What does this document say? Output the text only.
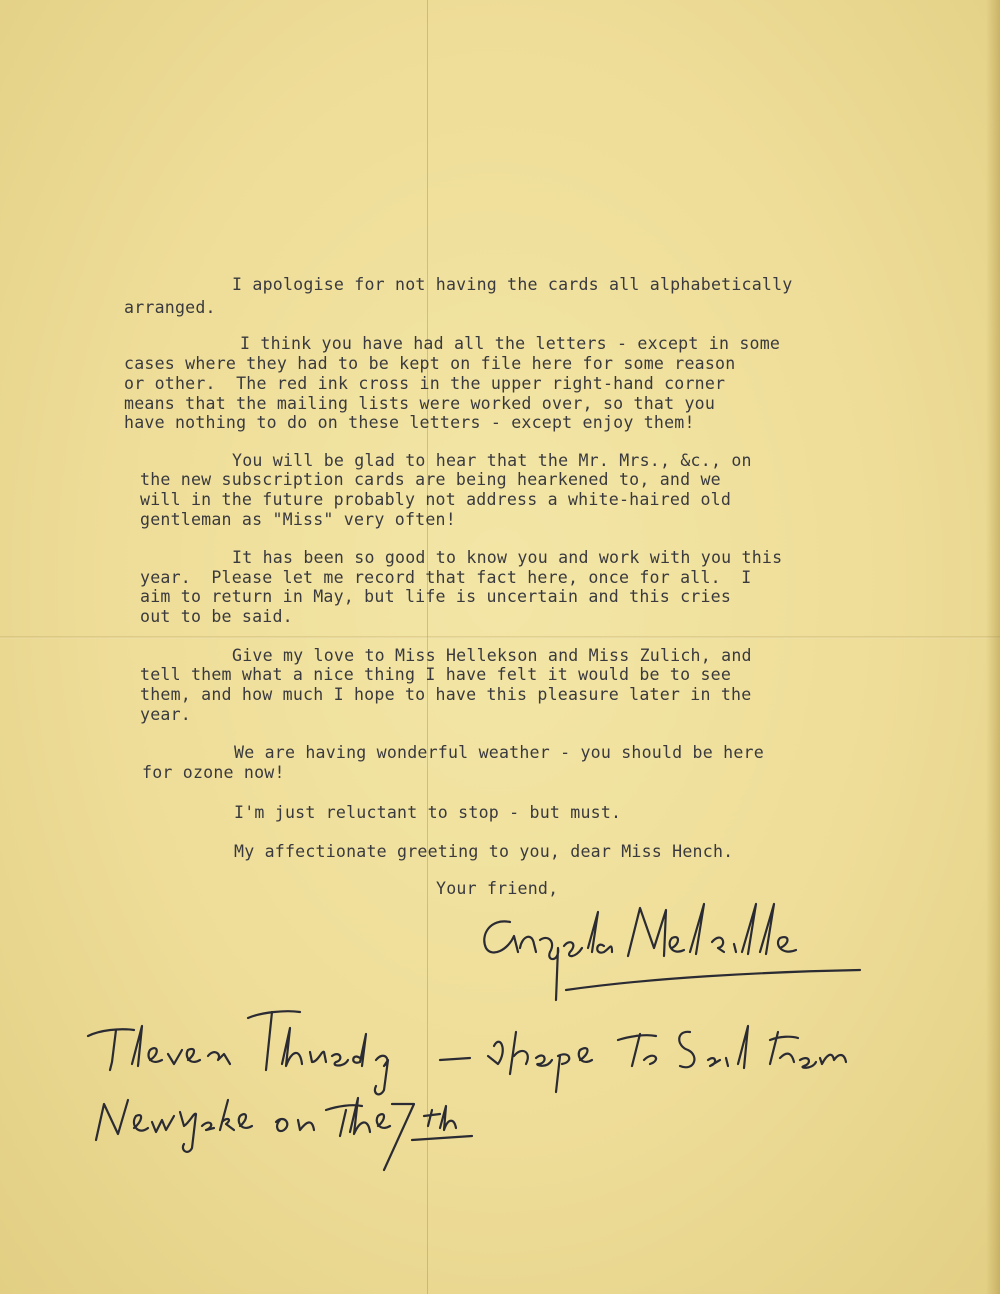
I apologise for not having the cards all alphabetically
arranged.
I think you have had all the letters - except in some
cases where they had to be kept on file here for some reason
or other.  The red ink cross in the upper right-hand corner
means that the mailing lists were worked over, so that you
have nothing to do on these letters - except enjoy them!
You will be glad to hear that the Mr. Mrs., &c., on
the new subscription cards are being hearkened to, and we
will in the future probably not address a white-haired old
gentleman as "Miss" very often!
It has been so good to know you and work with you this
year.  Please let me record that fact here, once for all.  I
aim to return in May, but life is uncertain and this cries
out to be said.
Give my love to Miss Hellekson and Miss Zulich, and
tell them what a nice thing I have felt it would be to see
them, and how much I hope to have this pleasure later in the
year.
We are having wonderful weather - you should be here
for ozone now!
I'm just reluctant to stop - but must.
My affectionate greeting to you, dear Miss Hench.
Your friend,
